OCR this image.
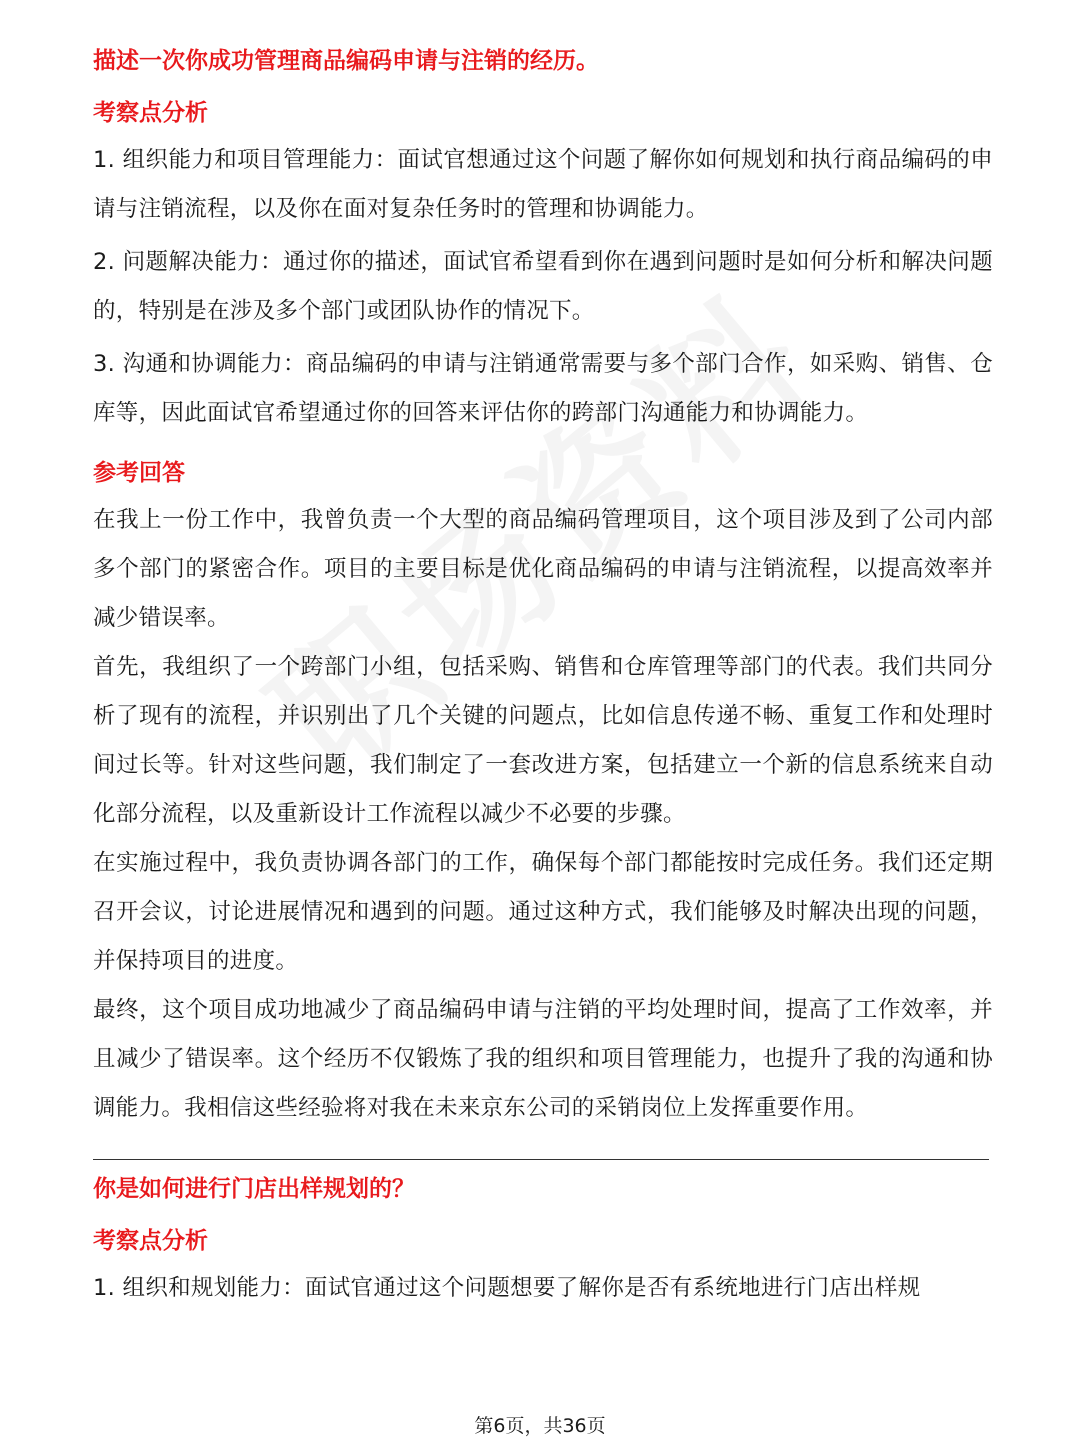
描述一次你成功管理商品编码申请与注销的经历。
考察点分析

1. 组织能力和项目管理能力：面试官想通过这个问题了解你如何规划和执行商品编码的申请与注销流程，以及你在面对复杂任务时的管理和协调能力。

2. 问题解决能力：通过你的描述，面试官希望看到你在遇到问题时是如何分析和解决问题的，特别是在涉及多个部门或团队协作的情况下。

3. 沟通和协调能力：商品编码的申请与注销通常需要与多个部门合作，如采购、销售、仓库等，因此面试官希望通过你的回答来评估你的跨部门沟通能力和协调能力。

参考回答

在我上一份工作中，我曾负责一个大型的商品编码管理项目，这个项目涉及到了公司内部多个部门的紧密合作。项目的主要目标是优化商品编码的申请与注销流程，以提高效率并减少错误率。

首先，我组织了一个跨部门小组，包括采购、销售和仓库管理等部门的代表。我们共同分析了现有的流程，并识别出了几个关键的问题点，比如信息传递不畅、重复工作和处理时间过长等。针对这些问题，我们制定了一套改进方案，包括建立一个新的信息系统来自动化部分流程，以及重新设计工作流程以减少不必要的步骤。

在实施过程中，我负责协调各部门的工作，确保每个部门都能按时完成任务。我们还定期召开会议，讨论进展情况和遇到的问题。通过这种方式，我们能够及时解决出现的问题，并保持项目的进度。

最终，这个项目成功地减少了商品编码申请与注销的平均处理时间，提高了工作效率，并且减少了错误率。这个经历不仅锻炼了我的组织和项目管理能力，也提升了我的沟通和协调能力。我相信这些经验将对我在未来京东公司的采销岗位上发挥重要作用。

你是如何进行门店出样规划的？
考察点分析

1. 组织和规划能力：面试官通过这个问题想要了解你是否有系统地进行门店出样规

第6页，共36页
